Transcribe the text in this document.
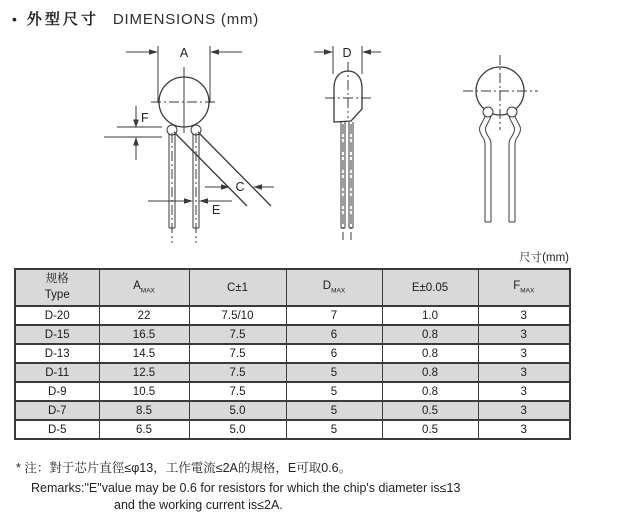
• 外型尺寸 DIMENSIONS (mm)
A
F
C
E
D
尺寸(mm)
规格
Type	$A_{MAX}$	C±1	$D_{MAX}$	E±0.05	$F_{MAX}$
D-20	22	7.5/10	7	1.0	3
D-15	16.5	7.5	6	0.8	3
D-13	14.5	7.5	6	0.8	3
D-11	12.5	7.5	5	0.8	3
D-9	10.5	7.5	5	0.8	3
D-7	8.5	5.0	5	0.5	3
D-5	6.5	5.0	5	0.5	3
* 注：對于芯片直徑≤φ13，工作電流≤2A的規格，E可取0.6。
Remarks:"E"value may be 0.6 for resistors for which the chip's diameter is≤13
and the working current is≤2A.
